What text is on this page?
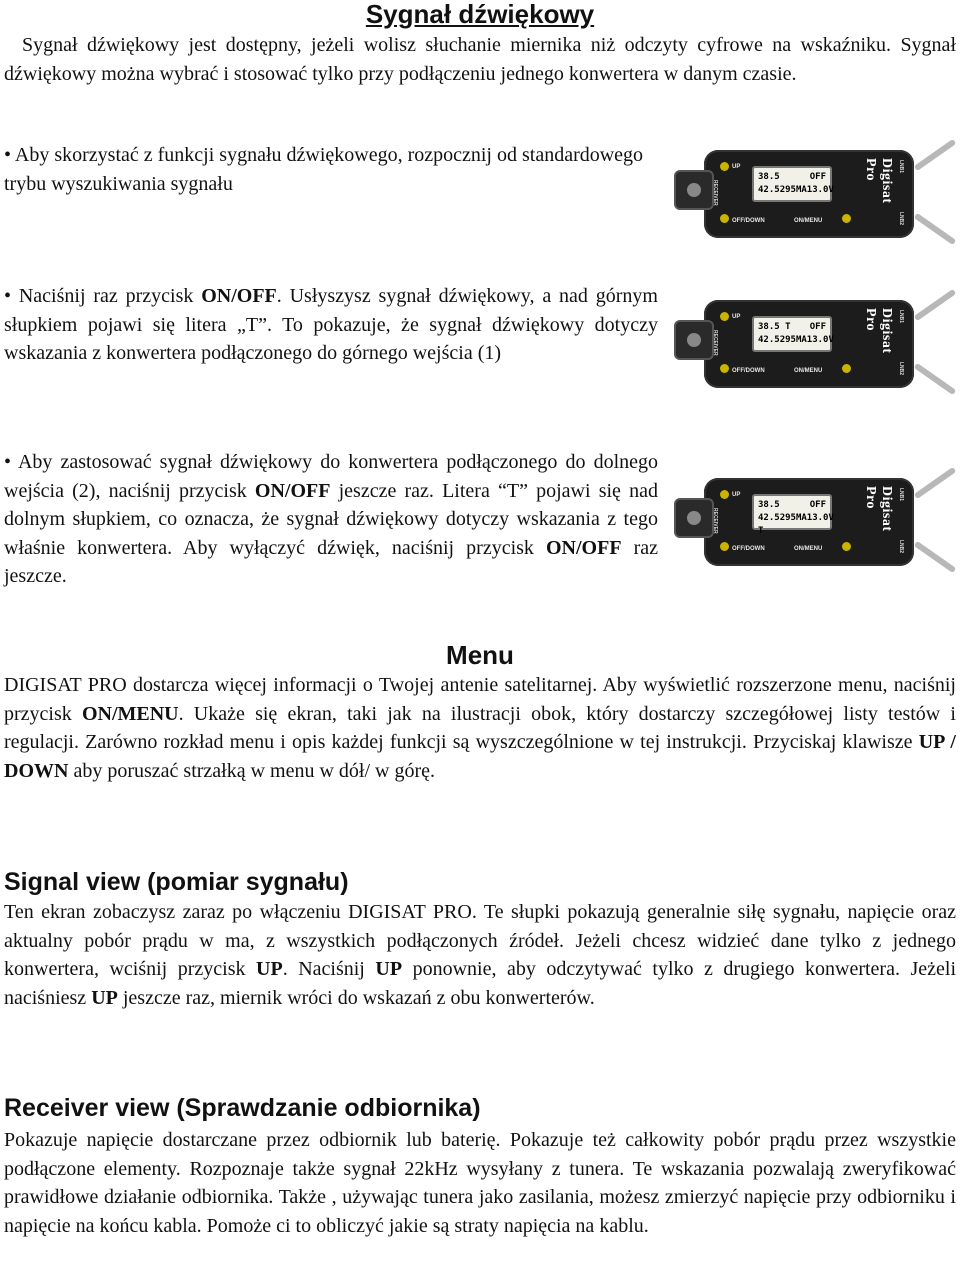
Sygnał dźwiękowy

Sygnał dźwiękowy jest dostępny, jeżeli wolisz słuchanie miernika niż odczyty cyfrowe na wskaźniku. Sygnał dźwiękowy można wybrać i stosować tylko przy podłączeniu jednego konwertera w danym czasie.

• Aby skorzystać z funkcji sygnału dźwiękowego, rozpocznij od standardowego trybu wyszukiwania sygnału

• Naciśnij raz przycisk ON/OFF. Usłyszysz sygnał dźwiękowy, a nad górnym słupkiem pojawi się litera „T”. To pokazuje, że sygnał dźwiękowy dotyczy wskazania z konwertera podłączonego do górnego wejścia (1)

• Aby zastosować sygnał dźwiękowy do konwertera podłączonego do dolnego wejścia (2), naciśnij przycisk ON/OFF jeszcze raz. Litera “T” pojawi się nad dolnym słupkiem, co oznacza, że sygnał dźwiękowy dotyczy wskazania z tego właśnie konwertera. Aby wyłączyć dźwięk, naciśnij przycisk ON/OFF raz jeszcze.

RECEIVER
UP
38.5	OFF
42.5 295MA 13.0V
OFF/DOWN	ON/MENU
Digisat Pro	LNB1
LNB2
RECEIVER
UP
38.5 T OFF
42.5 295MA 13.0V
OFF/DOWN	ON/MENU
Digisat Pro	LNB1
LNB2
RECEIVER
UP
38.5	OFF
42.5 T
295MA 13.0V
OFF/DOWN	ON/MENU
Digisat Pro	LNB1
LNB2
Menu

DIGISAT PRO dostarcza więcej informacji o Twojej antenie satelitarnej. Aby wyświetlić rozszerzone menu, naciśnij przycisk ON/MENU. Ukaże się ekran, taki jak na ilustracji obok, który dostarczy szczegółowej listy testów i regulacji. Zarówno rozkład menu i opis każdej funkcji są wyszczególnione w tej instrukcji. Przyciskaj klawisze UP / DOWN aby poruszać strzałką w menu w dół/ w górę.

Signal view (pomiar sygnału)

Ten ekran zobaczysz zaraz po włączeniu DIGISAT PRO. Te słupki pokazują generalnie siłę sygnału, napięcie oraz aktualny pobór prądu w ma, z wszystkich podłączonych źródeł. Jeżeli chcesz widzieć dane tylko z jednego konwertera, wciśnij przycisk UP. Naciśnij UP ponownie, aby odczytywać tylko z drugiego konwertera. Jeżeli naciśniesz UP jeszcze raz, miernik wróci do wskazań z obu konwerterów.

Receiver view (Sprawdzanie odbiornika)

Pokazuje napięcie dostarczane przez odbiornik lub baterię. Pokazuje też całkowity pobór prądu przez wszystkie podłączone elementy. Rozpoznaje także sygnał 22kHz wysyłany z tunera. Te wskazania pozwalają zweryfikować prawidłowe działanie odbiornika. Także , używając tunera jako zasilania, możesz zmierzyć napięcie przy odbiorniku i napięcie na końcu kabla. Pomoże ci to obliczyć jakie są straty napięcia na kablu.
